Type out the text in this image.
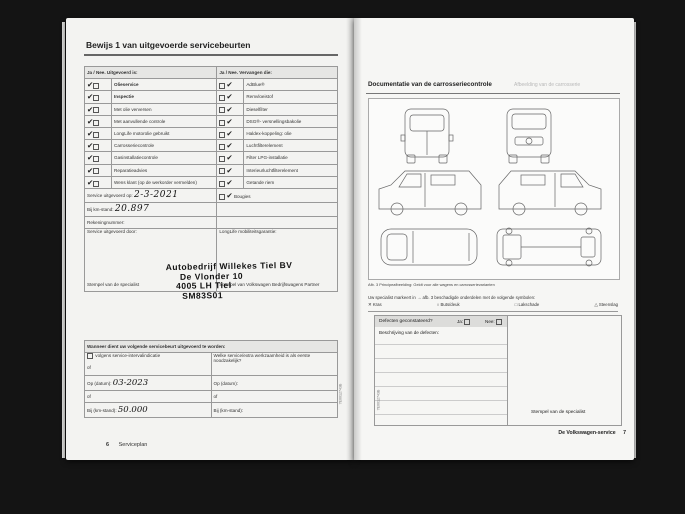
Bewijs 1 van uitgevoerde servicebeurten
Ja / Nee. Uitgevoerd is:		Ja / Nee. Vervangen die:	
✔	Olieservice	✔	AdBlue®
✔	Inspectie	✔	Remvloeistof
✔	Met olie verversen	✔	Dieselfilter
✔	Met aanvullende controle	✔	DSG®- versnellingsbakolie
✔	LongLife motorolie gebruikt	✔	Haldex-koppeling: olie
✔	Carrosseriecontrole	✔	Luchtfilterelement
✔	Gasinstallatiecontrole	✔	Filter LPG-installatie
✔	Reparatieadvies	✔	Interieurluchtfilterelement
✔	Wens klant (op de werkorder vermelden)	✔	Getande riem
Service uitgevoerd op: 2-3-2021		✔ Bougies	
Bij km-stand: 20.897			
Rekeningnummer:			
Service uitgevoerd door:
Stempel van de specialist		LongLife mobiliteitsgarantie:
Stempel van Volkswagen Bedrijfswagens Partner	
Autobedrijf Willekes Tiel BV
De Vlonder 10
4005 LH Tiel
SM83S01
Wanneer dient uw volgende servicebeurt uitgevoerd te worden:	
volgens service-intervalindicatie
of	Welke service/extra werkzaamheid is als eerste noodzakelijk?
Op (datum): 03-2023	Op (datum):
of	of
Bij (km-stand): 50.000	Bij (km-stand):
7E0012743B
6 Serviceplan
Documentatie van de carrosseriecontrole	Afbeelding van de carrosserie
Afb. 3 Principeafbeelding: Geldt voor alle wagens en carrosserievarianten
Uw specialist markeert in → afb. 3 beschadigde onderdelen met de volgende symbolen:
✕ Kras	○ Buts/deuk	□ Lakschade	△ Steenslag
Defecten geconstateerd?	Ja:	Nee:
Beschrijving van de defecten:
Stempel van de specialist
7E0012743B
De Volkswagen-service 7
